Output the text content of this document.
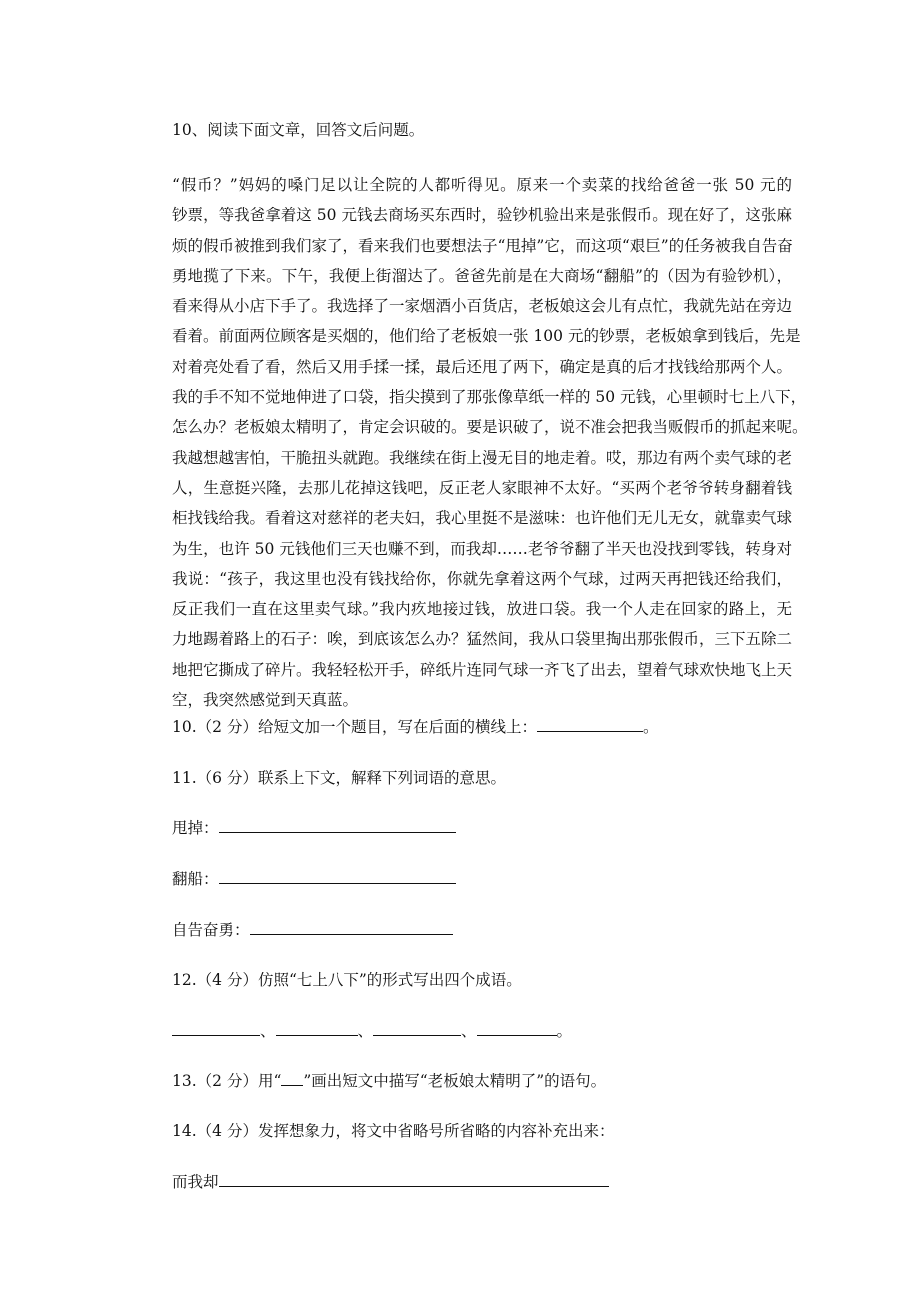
10、阅读下面文章，回答文后问题。
“假币？”妈妈的嗓门足以让全院的人都听得见。原来一个卖菜的找给爸爸一张 50 元的
钞票，等我爸拿着这 50 元钱去商场买东西时，验钞机验出来是张假币。现在好了，这张麻
烦的假币被推到我们家了，看来我们也要想法子“甩掉”它，而这项“艰巨”的任务被我自告奋
勇地揽了下来。下午，我便上街溜达了。爸爸先前是在大商场“翻船”的（因为有验钞机），
看来得从小店下手了。我选择了一家烟酒小百货店，老板娘这会儿有点忙，我就先站在旁边
看着。前面两位顾客是买烟的，他们给了老板娘一张 100 元的钞票，老板娘拿到钱后，先是
对着亮处看了看，然后又用手揉一揉，最后还甩了两下，确定是真的后才找钱给那两个人。
我的手不知不觉地伸进了口袋，指尖摸到了那张像草纸一样的 50 元钱，心里顿时七上八下，
怎么办？老板娘太精明了，肯定会识破的。要是识破了，说不准会把我当贩假币的抓起来呢。
我越想越害怕，干脆扭头就跑。我继续在街上漫无目的地走着。哎，那边有两个卖气球的老
人，生意挺兴隆，去那儿花掉这钱吧，反正老人家眼神不太好。“买两个老爷爷转身翻着钱
柜找钱给我。看着这对慈祥的老夫妇，我心里挺不是滋味：也许他们无儿无女，就靠卖气球
为生，也许 50 元钱他们三天也赚不到，而我却……老爷爷翻了半天也没找到零钱，转身对
我说：“孩子，我这里也没有钱找给你，你就先拿着这两个气球，过两天再把钱还给我们，
反正我们一直在这里卖气球。”我内疚地接过钱，放进口袋。我一个人走在回家的路上，无
力地踢着路上的石子：唉，到底该怎么办？猛然间，我从口袋里掏出那张假币，三下五除二
地把它撕成了碎片。我轻轻松开手，碎纸片连同气球一齐飞了出去，望着气球欢快地飞上天
空，我突然感觉到天真蓝。
10.（2 分）给短文加一个题目，写在后面的横线上：	。
11.（6 分）联系上下文，解释下列词语的意思。
甩掉：
翻船：
自告奋勇：
12.（4 分）仿照“七上八下”的形式写出四个成语。
、	、	、	。
13.（2 分）用“ ”画出短文中描写“老板娘太精明了”的语句。
14.（4 分）发挥想象力，将文中省略号所省略的内容补充出来：
而我却
